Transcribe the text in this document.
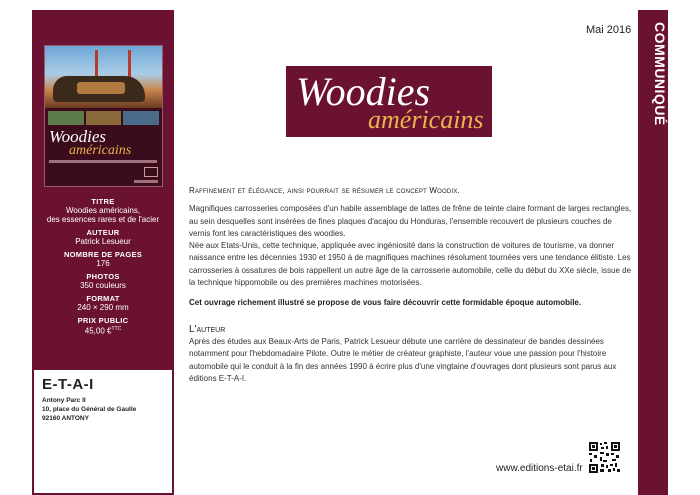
Woodies
américains
TITRE
Woodies américains,
des essences rares et de l'acier
AUTEUR
Patrick Lesueur
NOMBRE DE PAGES
176
PHOTOS
350 couleurs
FORMAT
240 × 290 mm
PRIX PUBLIC
45,00 €$^{TTC}$
E-T-A-I
Antony Parc II
10, place du Général de Gaulle
92160 ANTONY
Mai 2016	COMMUNIQUÉ
Woodies
américains

Raffinement et élégance, ainsi pourrait se résumer le concept Woodix.

Magnifiques carrosseries composées d'un habile assemblage de lattes de frêne de teinte claire formant de larges rectangles, au sein desquelles sont insérées de fines plaques d'acajou du Honduras, l'ensemble recouvert de plusieurs couches de vernis font les caractéristiques des woodies.

Née aux Etats-Unis, cette technique, appliquée avec ingéniosité dans la construction de voitures de tourisme, va donner naissance entre les décennies 1930 et 1950 à de magnifiques machines résolument tournées vers une tendance élitiste. Les carrosseries à ossatures de bois rappellent un autre âge de la carrosserie automobile, celle du début du XXe siècle, issue de la technique hippomobile ou des premières machines motorisées.

Cet ouvrage richement illustré se propose de vous faire découvrir cette formidable époque automobile.

L'auteur

Après des études aux Beaux-Arts de Paris, Patrick Lesueur débute une carrière de dessinateur de bandes dessinées notamment pour l'hebdomadaire Pilote. Outre le métier de créateur graphiste, l'auteur voue une passion pour l'histoire automobile qui le conduit à la fin des années 1990 à écrire plus d'une vingtaine d'ouvrages dont plusieurs sont parus aux éditions E-T-A-I.

www.editions-etai.fr
